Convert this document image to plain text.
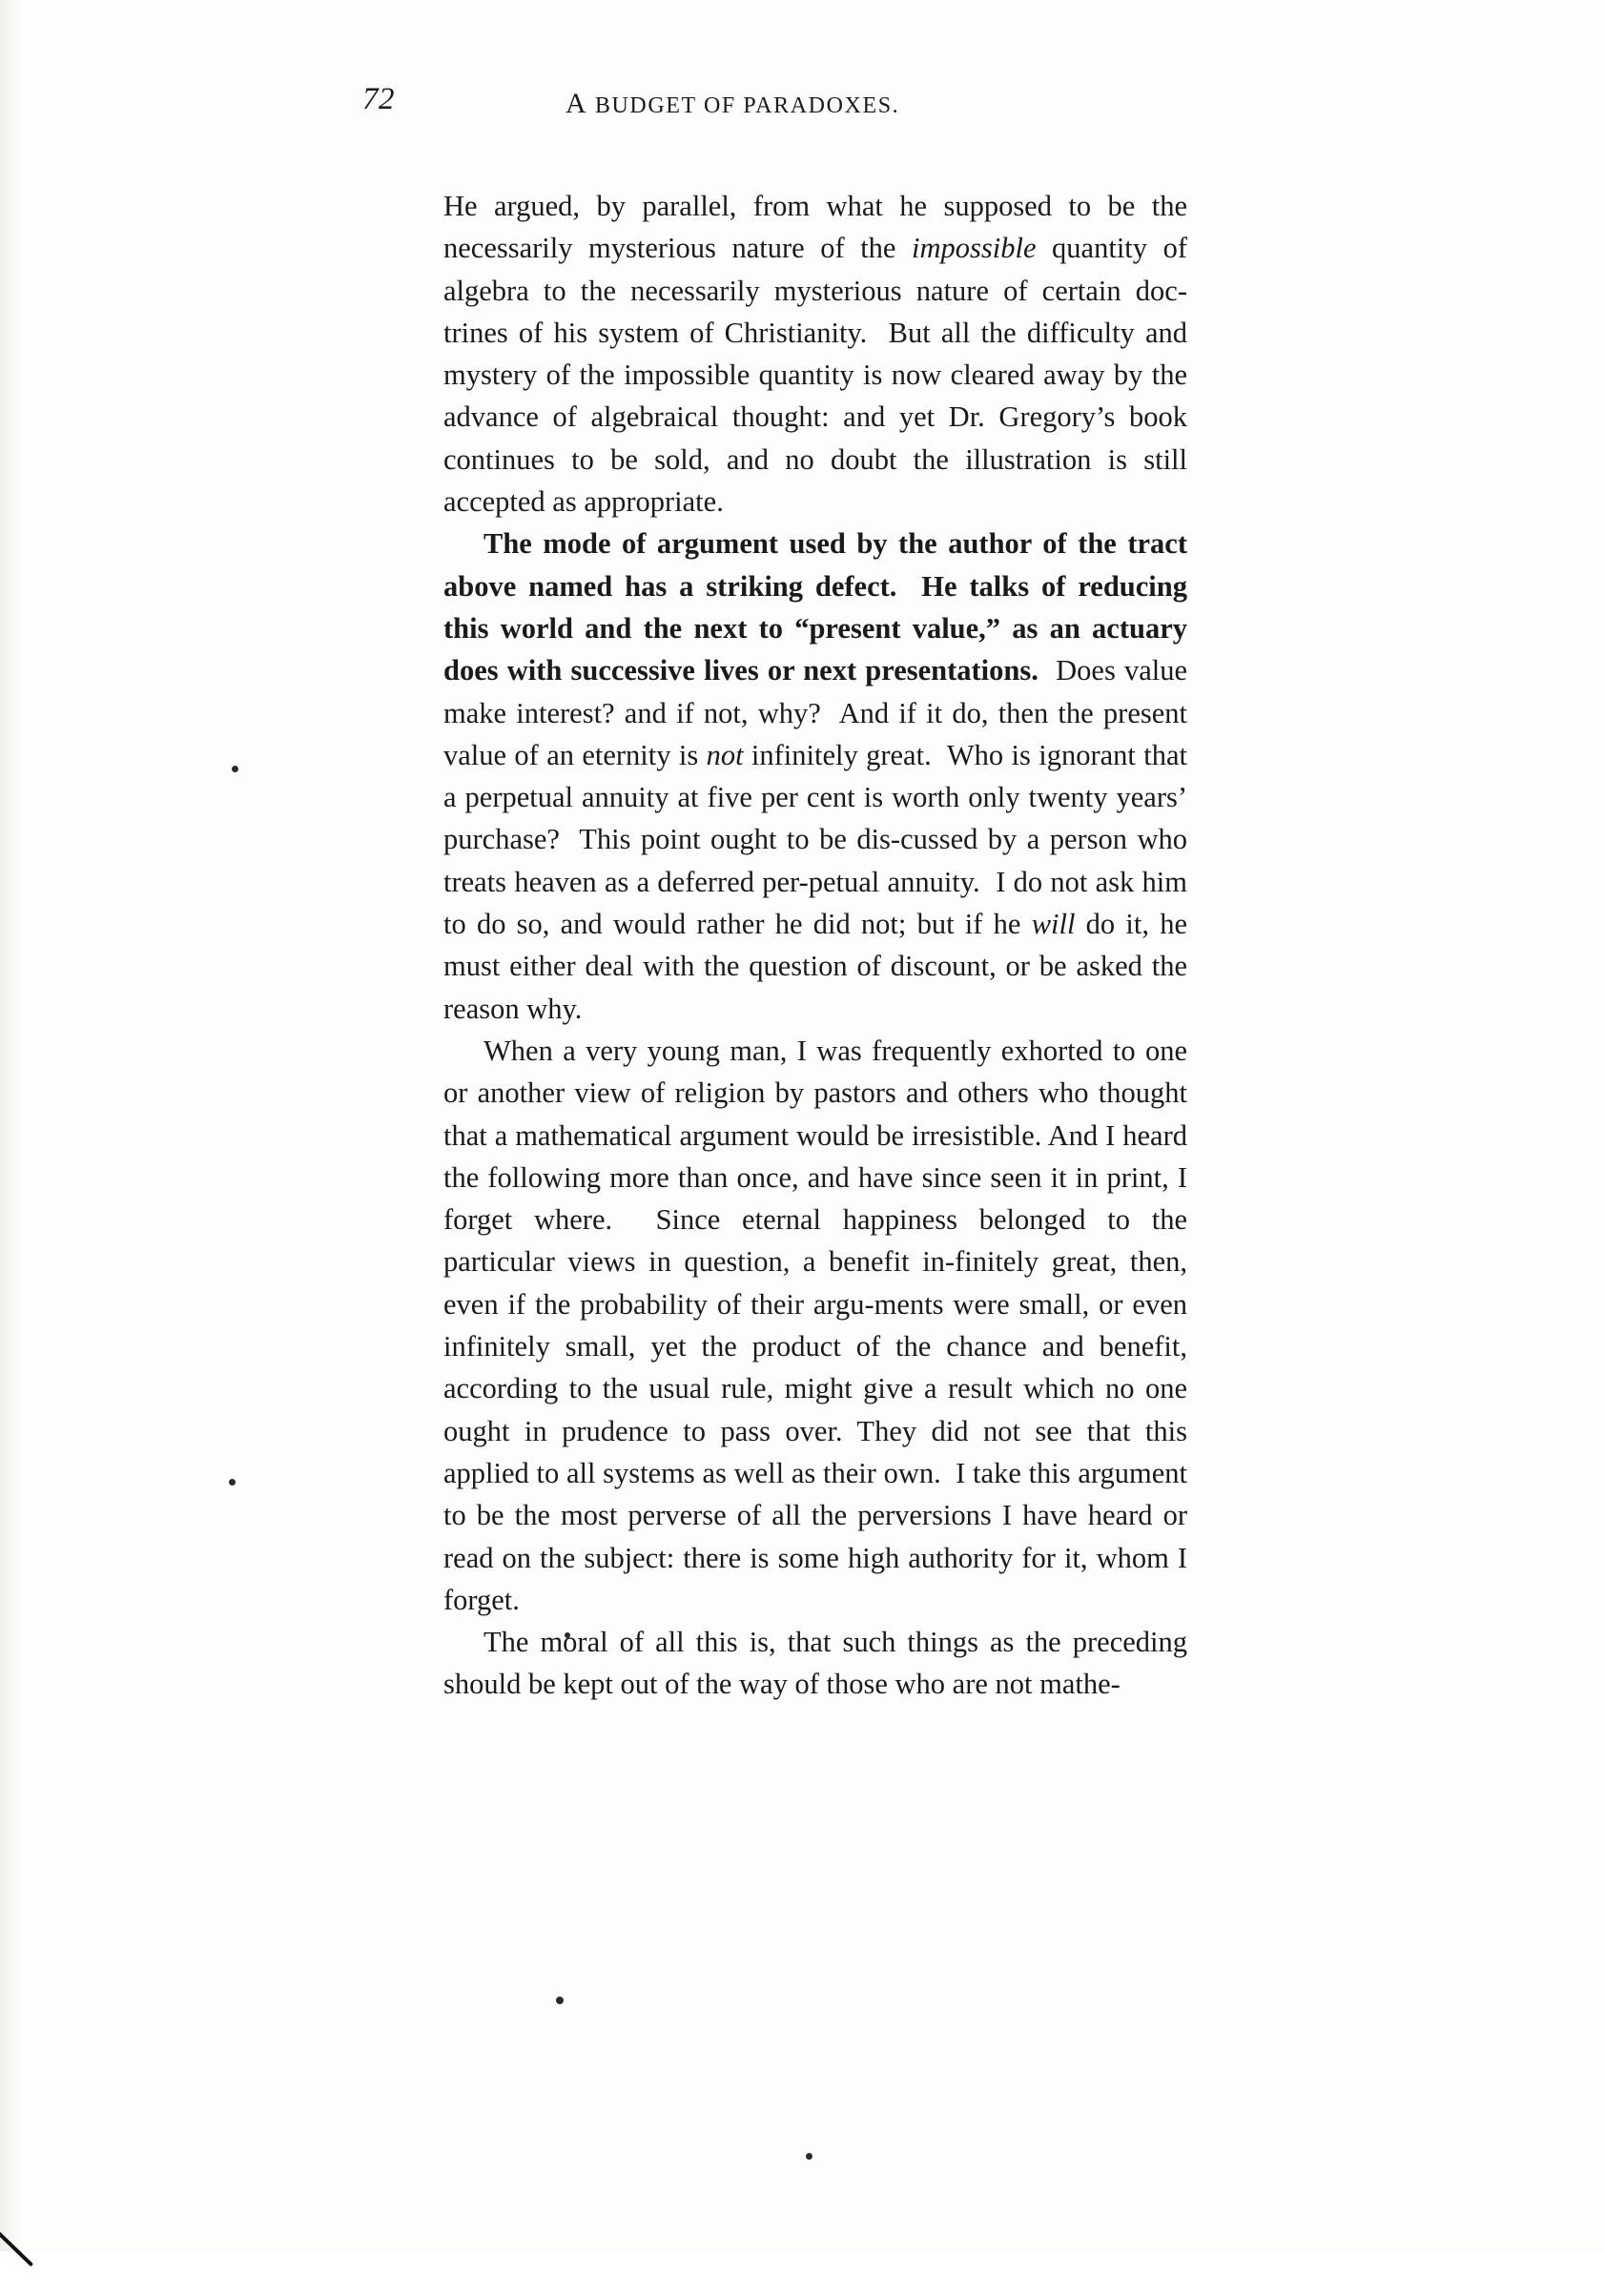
72	A BUDGET OF PARADOXES.

He argued, by parallel, from what he supposed to be the necessarily mysterious nature of the impossible quantity of algebra to the necessarily mysterious nature of certain doc-trines of his system of Christianity.  But all the difficulty and mystery of the impossible quantity is now cleared away by the advance of algebraical thought: and yet Dr. Gregory’s book continues to be sold, and no doubt the illustration is still accepted as appropriate.

The mode of argument used by the author of the tract above named has a striking defect.  He talks of reducing this world and the next to “present value,” as an actuary does with successive lives or next presentations.  Does value make interest? and if not, why?  And if it do, then the present value of an eternity is not infinitely great.  Who is ignorant that a perpetual annuity at five per cent is worth only twenty years’ purchase?  This point ought to be dis-cussed by a person who treats heaven as a deferred per-petual annuity.  I do not ask him to do so, and would rather he did not; but if he will do it, he must either deal with the question of discount, or be asked the reason why.

When a very young man, I was frequently exhorted to one or another view of religion by pastors and others who thought that a mathematical argument would be irresistible. And I heard the following more than once, and have since seen it in print, I forget where.  Since eternal happiness belonged to the particular views in question, a benefit in-finitely great, then, even if the probability of their argu-ments were small, or even infinitely small, yet the product of the chance and benefit, according to the usual rule, might give a result which no one ought in prudence to pass over. They did not see that this applied to all systems as well as their own.  I take this argument to be the most perverse of all the perversions I have heard or read on the subject: there is some high authority for it, whom I forget.

The moral of all this is, that such things as the preceding should be kept out of the way of those who are not mathe-
